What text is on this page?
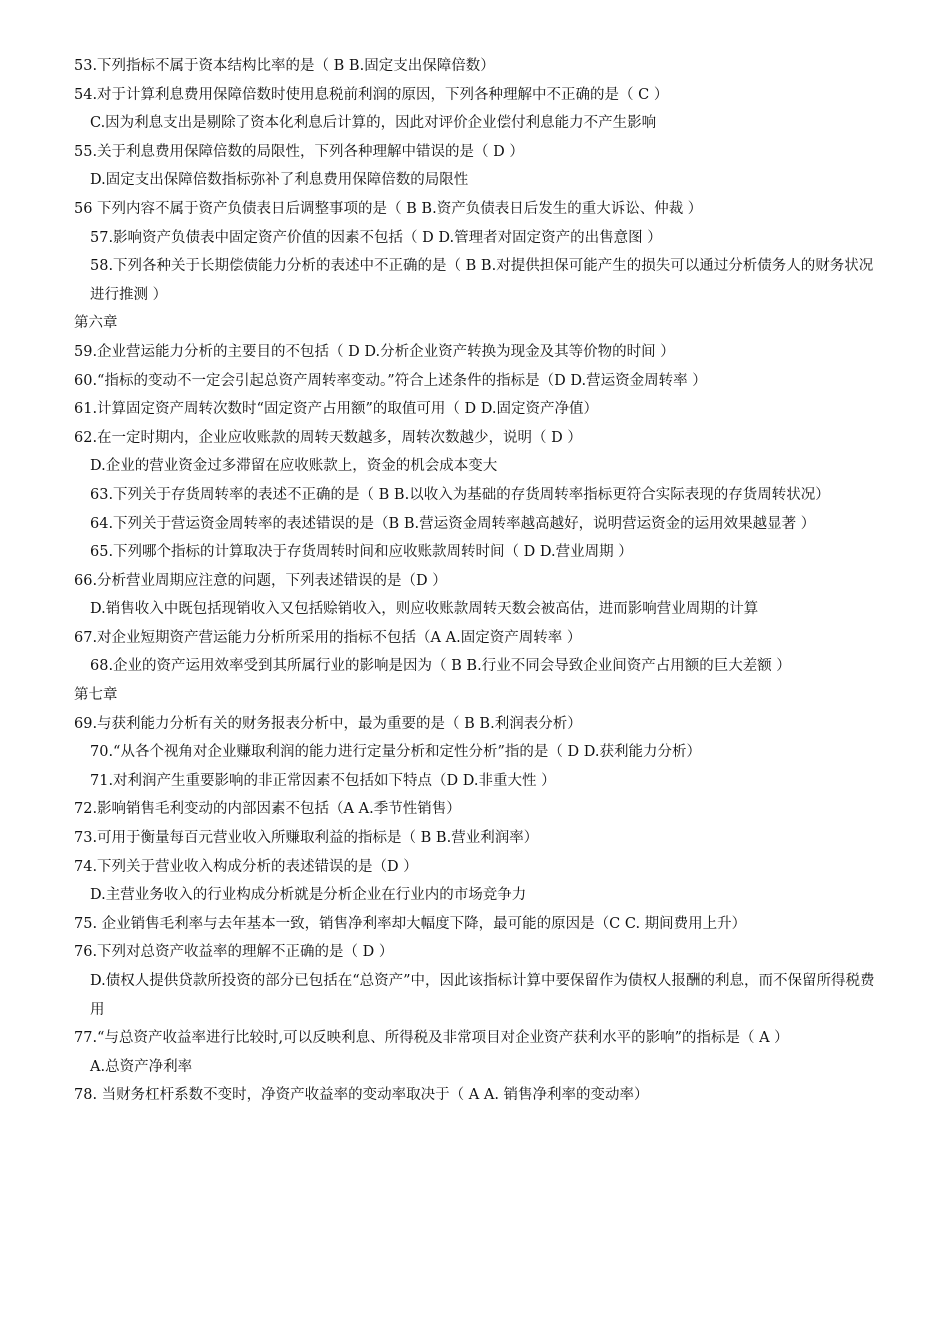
53.下列指标不属于资本结构比率的是（ B B.固定支出保障倍数）
54.对于计算利息费用保障倍数时使用息税前利润的原因，下列各种理解中不正确的是（ C ）
C.因为利息支出是剔除了资本化利息后计算的，因此对评价企业偿付利息能力不产生影响
55.关于利息费用保障倍数的局限性，下列各种理解中错误的是（ D ）
D.固定支出保障倍数指标弥补了利息费用保障倍数的局限性
56 下列内容不属于资产负债表日后调整事项的是（ B B.资产负债表日后发生的重大诉讼、仲裁 ）
57.影响资产负债表中固定资产价值的因素不包括（ D D.管理者对固定资产的出售意图 ）
58.下列各种关于长期偿债能力分析的表述中不正确的是（ B B.对提供担保可能产生的损失可以通过分析债务人的财务状况进行推测 ）
第六章
59.企业营运能力分析的主要目的不包括（ D D.分析企业资产转换为现金及其等价物的时间 ）
60.“指标的变动不一定会引起总资产周转率变动。”符合上述条件的指标是（D D.营运资金周转率 ）
61.计算固定资产周转次数时“固定资产占用额”的取值可用（ D D.固定资产净值）
62.在一定时期内，企业应收账款的周转天数越多，周转次数越少，说明（ D ）
D.企业的营业资金过多滞留在应收账款上，资金的机会成本变大
63.下列关于存货周转率的表述不正确的是（ B B.以收入为基础的存货周转率指标更符合实际表现的存货周转状况）
64.下列关于营运资金周转率的表述错误的是（B B.营运资金周转率越高越好，说明营运资金的运用效果越显著 ）
65.下列哪个指标的计算取决于存货周转时间和应收账款周转时间（ D D.营业周期 ）
66.分析营业周期应注意的问题，下列表述错误的是（D ）
D.销售收入中既包括现销收入又包括赊销收入，则应收账款周转天数会被高估，进而影响营业周期的计算
67.对企业短期资产营运能力分析所采用的指标不包括（A A.固定资产周转率 ）
68.企业的资产运用效率受到其所属行业的影响是因为（ B B.行业不同会导致企业间资产占用额的巨大差额 ）
第七章
69.与获利能力分析有关的财务报表分析中，最为重要的是（ B B.利润表分析）
70.“从各个视角对企业赚取利润的能力进行定量分析和定性分析”指的是（ D D.获利能力分析）
71.对利润产生重要影响的非正常因素不包括如下特点（D D.非重大性 ）
72.影响销售毛利变动的内部因素不包括（A A.季节性销售）
73.可用于衡量每百元营业收入所赚取利益的指标是（ B B.营业利润率）
74.下列关于营业收入构成分析的表述错误的是（D ）
D.主营业务收入的行业构成分析就是分析企业在行业内的市场竞争力
75. 企业销售毛利率与去年基本一致，销售净利率却大幅度下降，最可能的原因是（C C. 期间费用上升）
76.下列对总资产收益率的理解不正确的是（ D ）
D.债权人提供贷款所投资的部分已包括在“总资产”中，因此该指标计算中要保留作为债权人报酬的利息，而不保留所得税费用
77.“与总资产收益率进行比较时,可以反映利息、所得税及非常项目对企业资产获利水平的影响”的指标是（ A ）
A.总资产净利率
78. 当财务杠杆系数不变时，净资产收益率的变动率取决于（ A A. 销售净利率的变动率）
